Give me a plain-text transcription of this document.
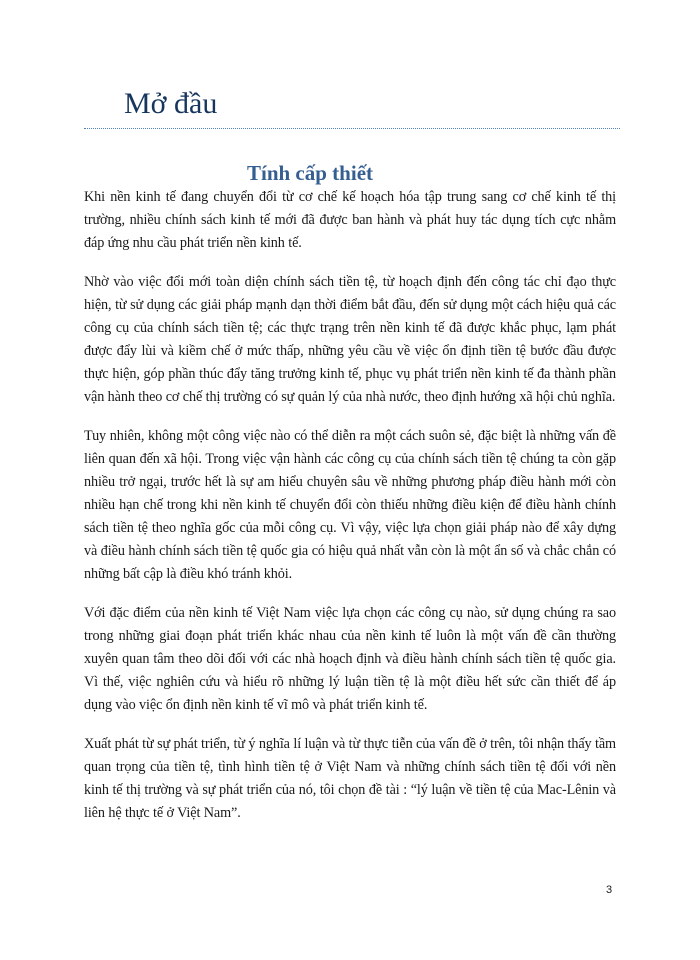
Mở đầu
Tính cấp thiết

Khi nền kinh tế đang chuyển đổi từ cơ chế kế hoạch hóa tập trung sang cơ chế kinh tế thị trường, nhiều chính sách kinh tế mới đã được ban hành và phát huy tác dụng tích cực nhằm đáp ứng nhu cầu phát triển nền kinh tế.

Nhờ vào việc đổi mới toàn diện chính sách tiền tệ, từ hoạch định đến công tác chỉ đạo thực hiện, từ sử dụng các giải pháp mạnh dạn thời điểm bắt đầu, đến sử dụng một cách hiệu quả các công cụ của chính sách tiền tệ; các thực trạng trên nền kinh tế đã được khắc phục, lạm phát được đẩy lùi và kiềm chế ở mức thấp, những yêu cầu về việc ổn định tiền tệ bước đầu được thực hiện, góp phần thúc đẩy tăng trưởng kinh tế, phục vụ phát triển nền kinh tế đa thành phần vận hành theo cơ chế thị trường có sự quản lý của nhà nước, theo định hướng xã hội chủ nghĩa.

Tuy nhiên, không một công việc nào có thể diễn ra một cách suôn sẻ, đặc biệt là những vấn đề liên quan đến xã hội. Trong việc vận hành các công cụ của chính sách tiền tệ chúng ta còn gặp nhiều trở ngại, trước hết là sự am hiểu chuyên sâu về những phương pháp điều hành mới còn nhiều hạn chế trong khi nền kinh tế chuyển đổi còn thiếu những điều kiện để điều hành chính sách tiền tệ theo nghĩa gốc của mỗi công cụ. Vì vậy, việc lựa chọn giải pháp nào để xây dựng và điều hành chính sách tiền tệ quốc gia có hiệu quả nhất vẫn còn là một ẩn số và chắc chắn có những bất cập là điều khó tránh khỏi.

Với đặc điểm của nền kinh tế Việt Nam việc lựa chọn các công cụ nào, sử dụng chúng ra sao trong những giai đoạn phát triển khác nhau của nền kinh tế luôn là một vấn đề cần thường xuyên quan tâm theo dõi đối với các nhà hoạch định và điều hành chính sách tiền tệ quốc gia. Vì thế, việc nghiên cứu và hiểu rõ những lý luận tiền tệ là một điều hết sức cần thiết để áp dụng vào việc ổn định nền kinh tế vĩ mô và phát triển kinh tế.

Xuất phát từ sự phát triển, từ ý nghĩa lí luận và từ thực tiễn của vấn đề ở trên, tôi nhận thấy tầm quan trọng của tiền tệ, tình hình tiền tệ ở Việt Nam và những chính sách tiền tệ đối với nền kinh tế thị trường và sự phát triển của nó, tôi chọn đề tài : “lý luận về tiền tệ của Mac-Lênin và liên hệ thực tế ở Việt Nam”.

3
